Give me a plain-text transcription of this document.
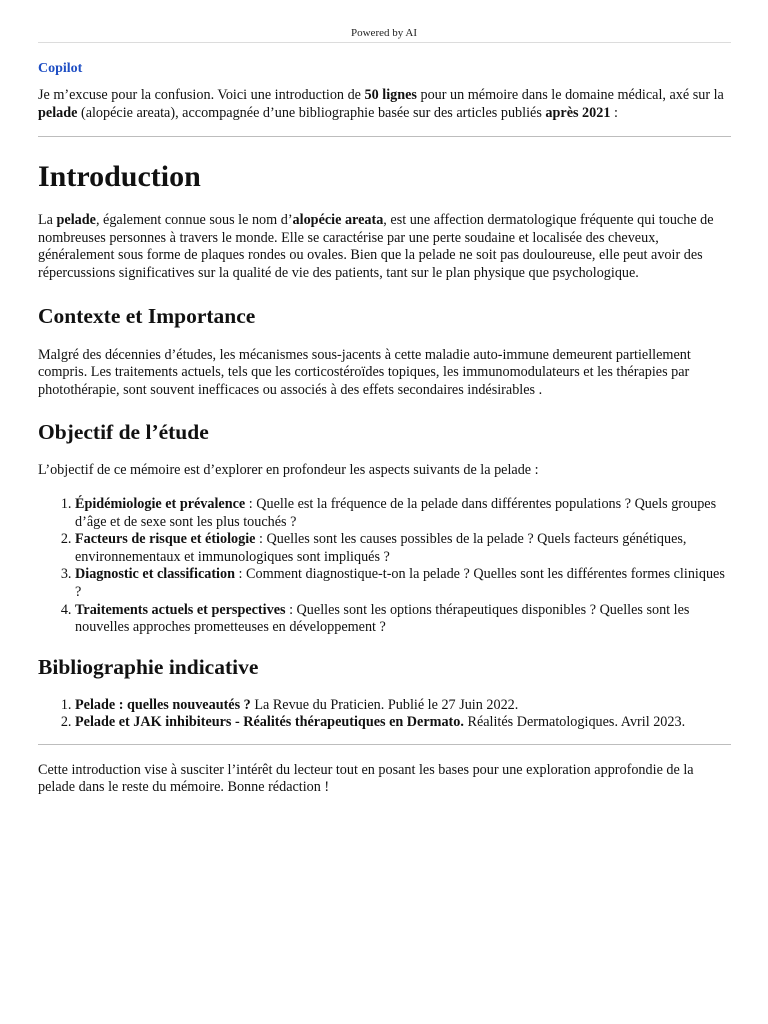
Powered by AI
Copilot

Je m’excuse pour la confusion. Voici une introduction de 50 lignes pour un mémoire dans le domaine médical, axé sur la pelade (alopécie areata), accompagnée d’une bibliographie basée sur des articles publiés après 2021 :

Introduction

La pelade, également connue sous le nom d’alopécie areata, est une affection dermatologique fréquente qui touche de nombreuses personnes à travers le monde. Elle se caractérise par une perte soudaine et localisée des cheveux, généralement sous forme de plaques rondes ou ovales. Bien que la pelade ne soit pas douloureuse, elle peut avoir des répercussions significatives sur la qualité de vie des patients, tant sur le plan physique que psychologique.

Contexte et Importance

Malgré des décennies d’études, les mécanismes sous-jacents à cette maladie auto-immune demeurent partiellement compris. Les traitements actuels, tels que les corticostéroïdes topiques, les immunomodulateurs et les thérapies par photothérapie, sont souvent inefficaces ou associés à des effets secondaires indésirables .

Objectif de l’étude

L’objectif de ce mémoire est d’explorer en profondeur les aspects suivants de la pelade :

1. Épidémiologie et prévalence : Quelle est la fréquence de la pelade dans différentes populations ? Quels groupes d’âge et de sexe sont les plus touchés ?
2. Facteurs de risque et étiologie : Quelles sont les causes possibles de la pelade ? Quels facteurs génétiques, environnementaux et immunologiques sont impliqués ?
3. Diagnostic et classification : Comment diagnostique-t-on la pelade ? Quelles sont les différentes formes cliniques ?
4. Traitements actuels et perspectives : Quelles sont les options thérapeutiques disponibles ? Quelles sont les nouvelles approches prometteuses en développement ?
Bibliographie indicative
1. Pelade : quelles nouveautés ? La Revue du Praticien. Publié le 27 Juin 2022.
2. Pelade et JAK inhibiteurs - Réalités thérapeutiques en Dermato. Réalités Dermatologiques. Avril 2023.

Cette introduction vise à susciter l’intérêt du lecteur tout en posant les bases pour une exploration approfondie de la pelade dans le reste du mémoire. Bonne rédaction !
